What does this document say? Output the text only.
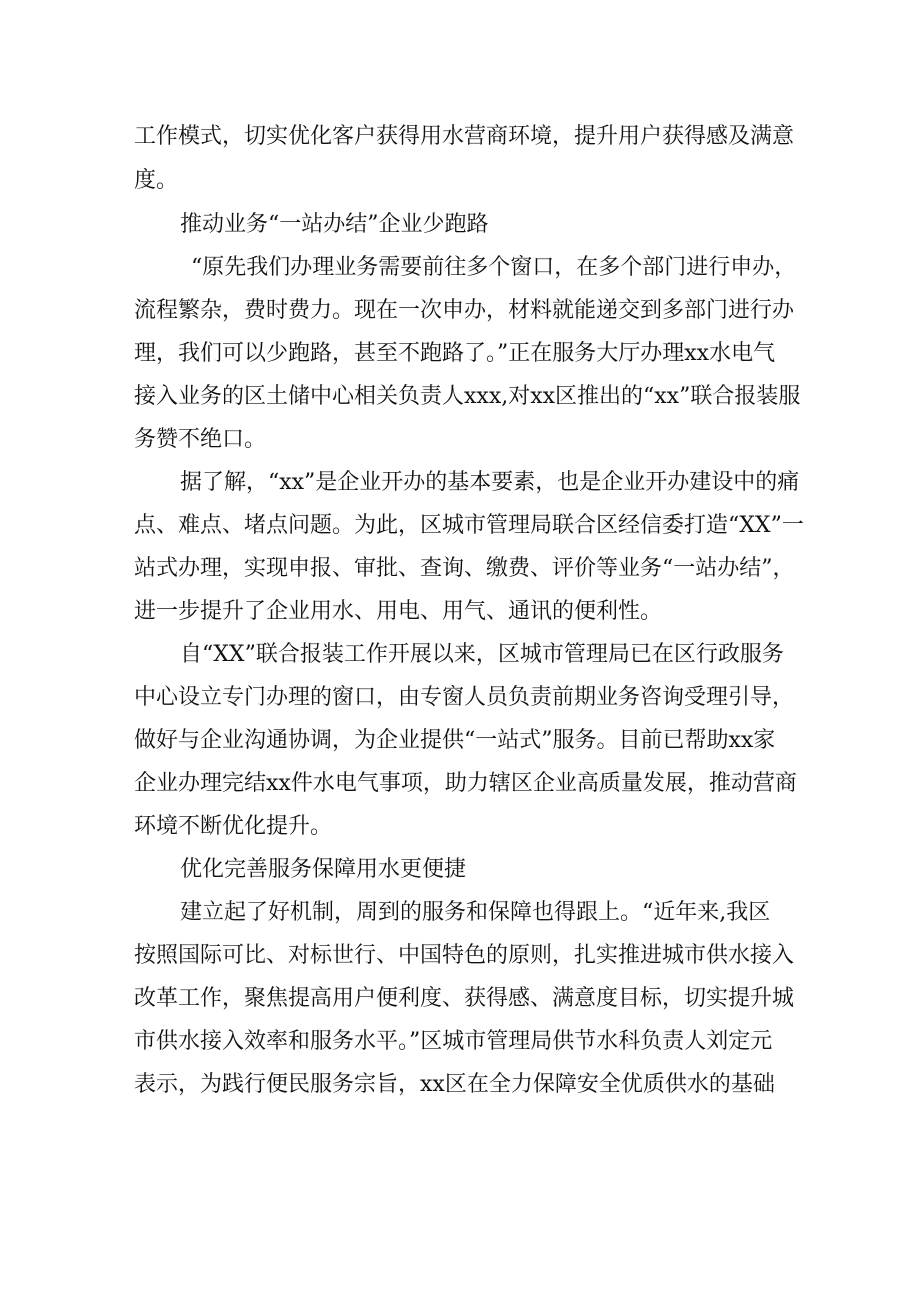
工作模式，切实优化客户获得用水营商环境，提升用户获得感及满意
度。
推动业务“一站办结”企业少跑路
“原先我们办理业务需要前往多个窗口，在多个部门进行申办，
流程繁杂，费时费力。现在一次申办，材料就能递交到多部门进行办
理，我们可以少跑路，甚至不跑路了。”正在服务大厅办理xx水电气
接入业务的区土储中心相关负责人xxx,对xx区推出的“xx”联合报装服
务赞不绝口。
据了解，“xx”是企业开办的基本要素，也是企业开办建设中的痛
点、难点、堵点问题。为此，区城市管理局联合区经信委打造“XX”一
站式办理，实现申报、审批、查询、缴费、评价等业务“一站办结”，
进一步提升了企业用水、用电、用气、通讯的便利性。
自“XX”联合报装工作开展以来，区城市管理局已在区行政服务
中心设立专门办理的窗口，由专窗人员负责前期业务咨询受理引导，
做好与企业沟通协调，为企业提供“一站式”服务。目前已帮助xx家
企业办理完结xx件水电气事项，助力辖区企业高质量发展，推动营商
环境不断优化提升。
优化完善服务保障用水更便捷
建立起了好机制，周到的服务和保障也得跟上。“近年来,我区
按照国际可比、对标世行、中国特色的原则，扎实推进城市供水接入
改革工作，聚焦提高用户便利度、获得感、满意度目标，切实提升城
市供水接入效率和服务水平。”区城市管理局供节水科负责人刘定元
表示，为践行便民服务宗旨，xx区在全力保障安全优质供水的基础
